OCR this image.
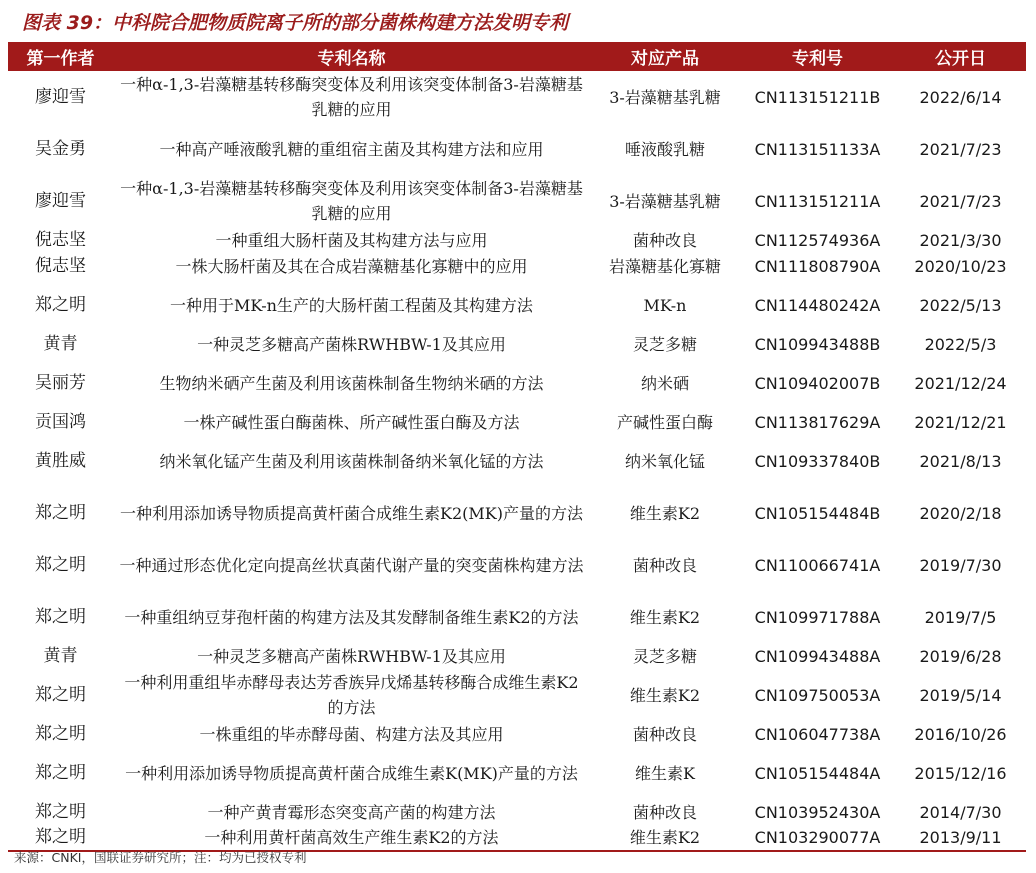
图表 39：中科院合肥物质院离子所的部分菌株构建方法发明专利
第一作者	专利名称	对应产品	专利号	公开日
廖迎雪	一种α-1,3-岩藻糖基转移酶突变体及利用该突变体制备3-岩藻糖基乳糖的应用	3-岩藻糖基乳糖	CN113151211B	2022/6/14
吴金勇	一种高产唾液酸乳糖的重组宿主菌及其构建方法和应用	唾液酸乳糖	CN113151133A	2021/7/23
廖迎雪	一种α-1,3-岩藻糖基转移酶突变体及利用该突变体制备3-岩藻糖基乳糖的应用	3-岩藻糖基乳糖	CN113151211A	2021/7/23
倪志坚	一种重组大肠杆菌及其构建方法与应用	菌种改良	CN112574936A	2021/3/30
倪志坚	一株大肠杆菌及其在合成岩藻糖基化寡糖中的应用	岩藻糖基化寡糖	CN111808790A	2020/10/23
郑之明	一种用于MK-n生产的大肠杆菌工程菌及其构建方法	MK-n	CN114480242A	2022/5/13
黄青	一种灵芝多糖高产菌株RWHBW-1及其应用	灵芝多糖	CN109943488B	2022/5/3
吴丽芳	生物纳米硒产生菌及利用该菌株制备生物纳米硒的方法	纳米硒	CN109402007B	2021/12/24
贡国鸿	一株产碱性蛋白酶菌株、所产碱性蛋白酶及方法	产碱性蛋白酶	CN113817629A	2021/12/21
黄胜威	纳米氧化锰产生菌及利用该菌株制备纳米氧化锰的方法	纳米氧化锰	CN109337840B	2021/8/13
郑之明	一种利用添加诱导物质提高黄杆菌合成维生素K2(MK)产量的方法	维生素K2	CN105154484B	2020/2/18
郑之明	一种通过形态优化定向提高丝状真菌代谢产量的突变菌株构建方法	菌种改良	CN110066741A	2019/7/30
郑之明	一种重组纳豆芽孢杆菌的构建方法及其发酵制备维生素K2的方法	维生素K2	CN109971788A	2019/7/5
黄青	一种灵芝多糖高产菌株RWHBW-1及其应用	灵芝多糖	CN109943488A	2019/6/28
郑之明	一种利用重组毕赤酵母表达芳香族异戊烯基转移酶合成维生素K2的方法	维生素K2	CN109750053A	2019/5/14
郑之明	一株重组的毕赤酵母菌、构建方法及其应用	菌种改良	CN106047738A	2016/10/26
郑之明	一种利用添加诱导物质提高黄杆菌合成维生素K(MK)产量的方法	维生素K	CN105154484A	2015/12/16
郑之明	一种产黄青霉形态突变高产菌的构建方法	菌种改良	CN103952430A	2014/7/30
郑之明	一种利用黄杆菌高效生产维生素K2的方法	维生素K2	CN103290077A	2013/9/11
来源：CNKI，国联证券研究所；注：均为已授权专利
